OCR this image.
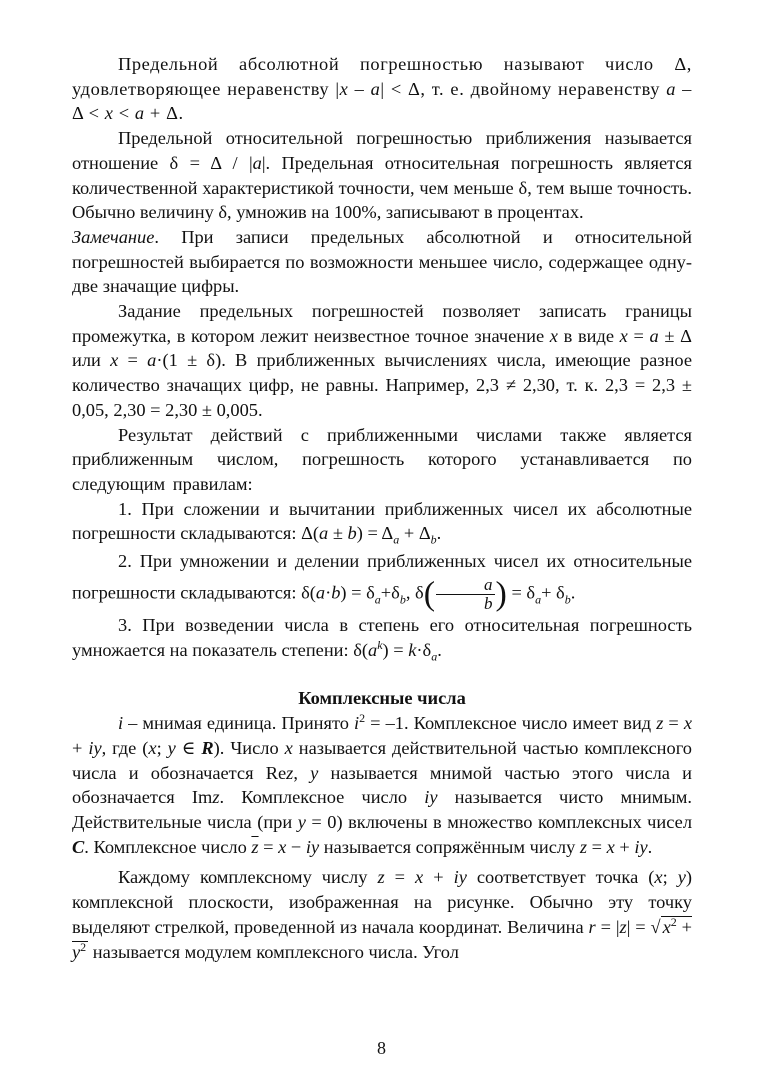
Предельной абсолютной погрешностью называют число Δ, удовлетворяющее неравенству |x – a| < Δ, т. е. двойному неравенству a – Δ < x < a + Δ.

Предельной относительной погрешностью приближения называется отношение δ = Δ / |a|. Предельная относительная погрешность является количественной характеристикой точности, чем меньше δ, тем выше точность. Обычно величину δ, умножив на 100%, записывают в процентах.

Замечание. При записи предельных абсолютной и относительной погрешностей выбирается по возможности меньшее число, содержащее одну-две значащие цифры.

Задание предельных погрешностей позволяет записать границы промежутка, в котором лежит неизвестное точное значение x в виде x = a ± Δ или x = a·(1 ± δ). В приближенных вычислениях числа, имеющие разное количество значащих цифр, не равны. Например, 2,3 ≠ 2,30, т. к. 2,3 = 2,3 ± 0,05, 2,30 = 2,30 ± 0,005.

Результат действий с приближенными числами также является приближенным числом, погрешность которого устанавливается по следующим правилам:

1. При сложении и вычитании приближенных чисел их абсолютные погрешности складываются: $\Delta(a \pm b) = \Delta_a + \Delta_b$.

2. При умножении и делении приближенных чисел их относительные погрешности складываются: $\delta(a\cdot b) = \delta_a+\delta_b$, $\delta( \frac{a}{b}$ ) = $\delta_a+ \delta_b$.

3. При возведении числа в степень его относительная погрешность умножается на показатель степени: $\delta(a^k) = k\cdot\delta_a$.

Комплексные числа

i – мнимая единица. Принято $i^2 = -1$. Комплексное число имеет вид z = x + iy, где (x; y ∈ R). Число x называется действительной частью комплексного числа и обозначается Rez, y называется мнимой частью этого числа и обозначается Imz. Комплексное число iy называется чисто мнимым. Действительные числа (при y = 0) включены в множество комплексных чисел C. Комплексное число $\overline{z} = x$ − iy называется сопряжённым числу z = x + iy.

Каждому комплексному числу z = x + iy соответствует точка (x; y) комплексной плоскости, изображенная на рисунке. Обычно эту точку выделяют стрелкой, проведенной из начала координат. Величина r = |z| = √ $x^2 + y^2$ называется модулем комплексного числа. Угол

8
